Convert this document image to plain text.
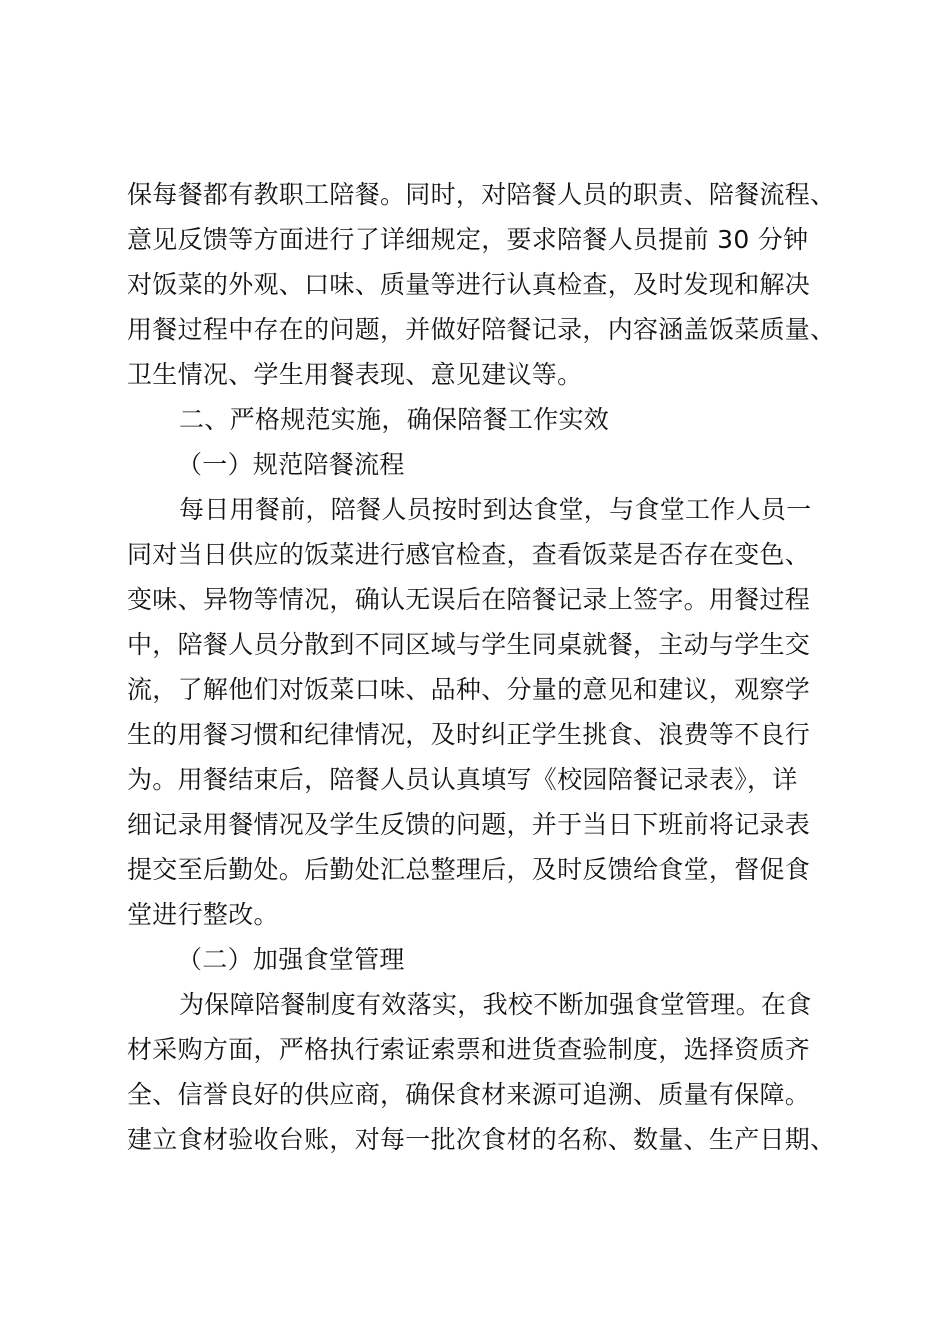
保每餐都有教职工陪餐。同时，对陪餐人员的职责、陪餐流程、
意见反馈等方面进行了详细规定，要求陪餐人员提前 30 分钟
对饭菜的外观、口味、质量等进行认真检查，及时发现和解决
用餐过程中存在的问题，并做好陪餐记录，内容涵盖饭菜质量、
卫生情况、学生用餐表现、意见建议等。
二、严格规范实施，确保陪餐工作实效
（一）规范陪餐流程
每日用餐前，陪餐人员按时到达食堂，与食堂工作人员一
同对当日供应的饭菜进行感官检查，查看饭菜是否存在变色、
变味、异物等情况，确认无误后在陪餐记录上签字。用餐过程
中，陪餐人员分散到不同区域与学生同桌就餐，主动与学生交
流，了解他们对饭菜口味、品种、分量的意见和建议，观察学
生的用餐习惯和纪律情况，及时纠正学生挑食、浪费等不良行
为。用餐结束后，陪餐人员认真填写《校园陪餐记录表》，详
细记录用餐情况及学生反馈的问题，并于当日下班前将记录表
提交至后勤处。后勤处汇总整理后，及时反馈给食堂，督促食
堂进行整改。
（二）加强食堂管理
为保障陪餐制度有效落实，我校不断加强食堂管理。在食
材采购方面，严格执行索证索票和进货查验制度，选择资质齐
全、信誉良好的供应商，确保食材来源可追溯、质量有保障。
建立食材验收台账，对每一批次食材的名称、数量、生产日期、
